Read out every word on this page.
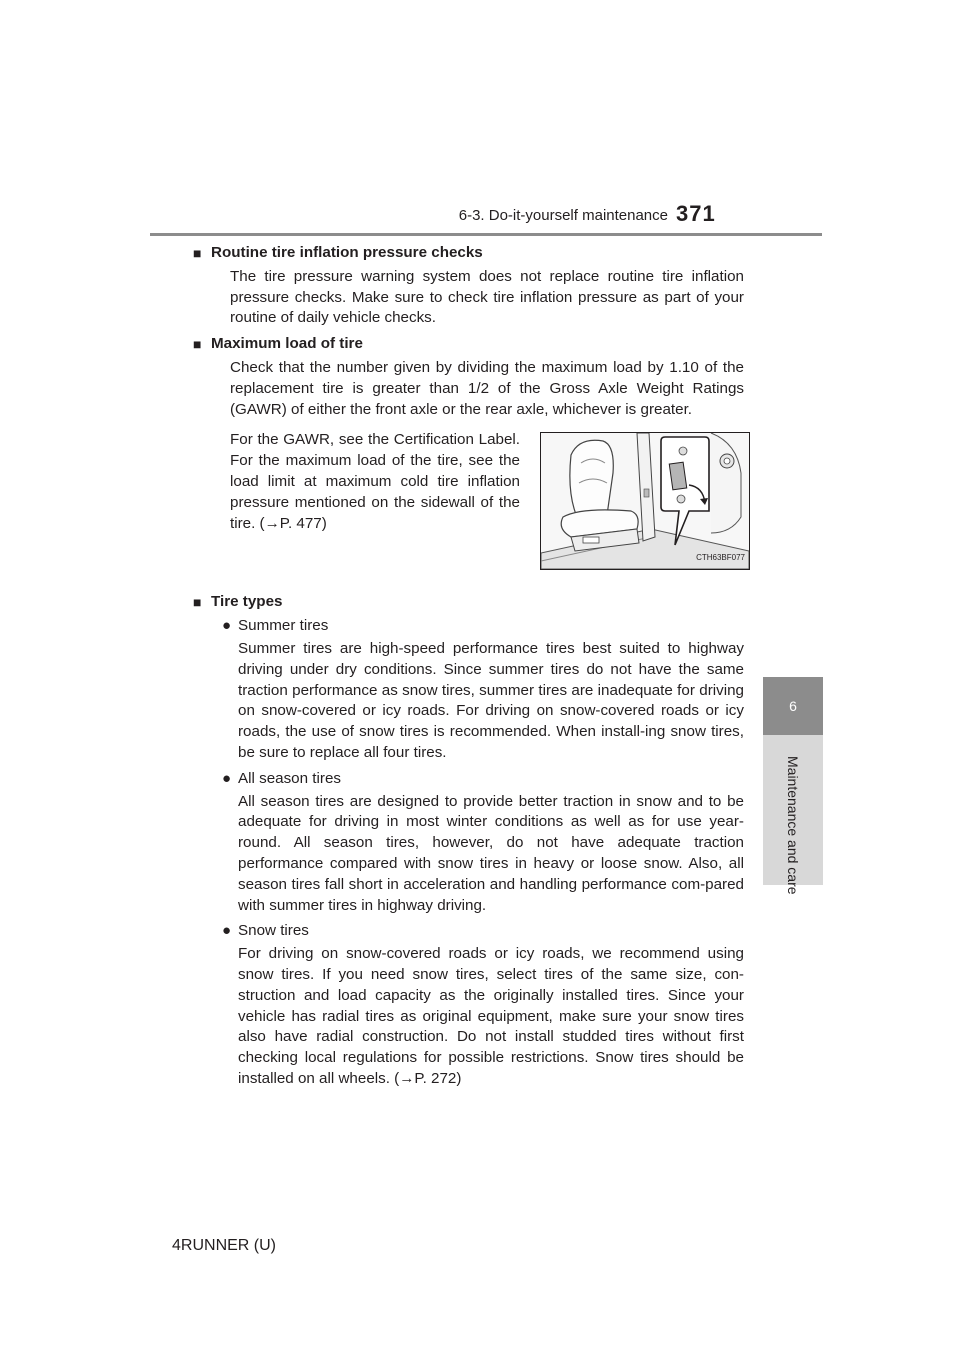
6-3. Do-it-yourself maintenance 371
6
Maintenance and care
■ Routine tire inflation pressure checks

The tire pressure warning system does not replace routine tire inflation pressure checks. Make sure to check tire inflation pressure as part of your routine of daily vehicle checks.

■ Maximum load of tire

Check that the number given by dividing the maximum load by 1.10 of the replacement tire is greater than 1/2 of the Gross Axle Weight Ratings (GAWR) of either the front axle or the rear axle, whichever is greater.

For the GAWR, see the Certification Label. For the maximum load of the tire, see the load limit at maximum cold tire inflation pressure mentioned on the sidewall of the tire. (→P. 477)
CTH63BF077
■ Tire types
● Summer tires

Summer tires are high-speed performance tires best suited to highway driving under dry conditions. Since summer tires do not have the same traction performance as snow tires, summer tires are inadequate for driving on snow-covered or icy roads. For driving on snow-covered roads or icy roads, the use of snow tires is recommended. When install-ing snow tires, be sure to replace all four tires.

● All season tires

All season tires are designed to provide better traction in snow and to be adequate for driving in most winter conditions as well as for use year-round. All season tires, however, do not have adequate traction performance compared with snow tires in heavy or loose snow. Also, all season tires fall short in acceleration and handling performance com-pared with summer tires in highway driving.

● Snow tires

For driving on snow-covered roads or icy roads, we recommend using snow tires. If you need snow tires, select tires of the same size, con-struction and load capacity as the originally installed tires. Since your vehicle has radial tires as original equipment, make sure your snow tires also have radial construction. Do not install studded tires without first checking local regulations for possible restrictions. Snow tires should be installed on all wheels. (→P. 272)

4RUNNER (U)
